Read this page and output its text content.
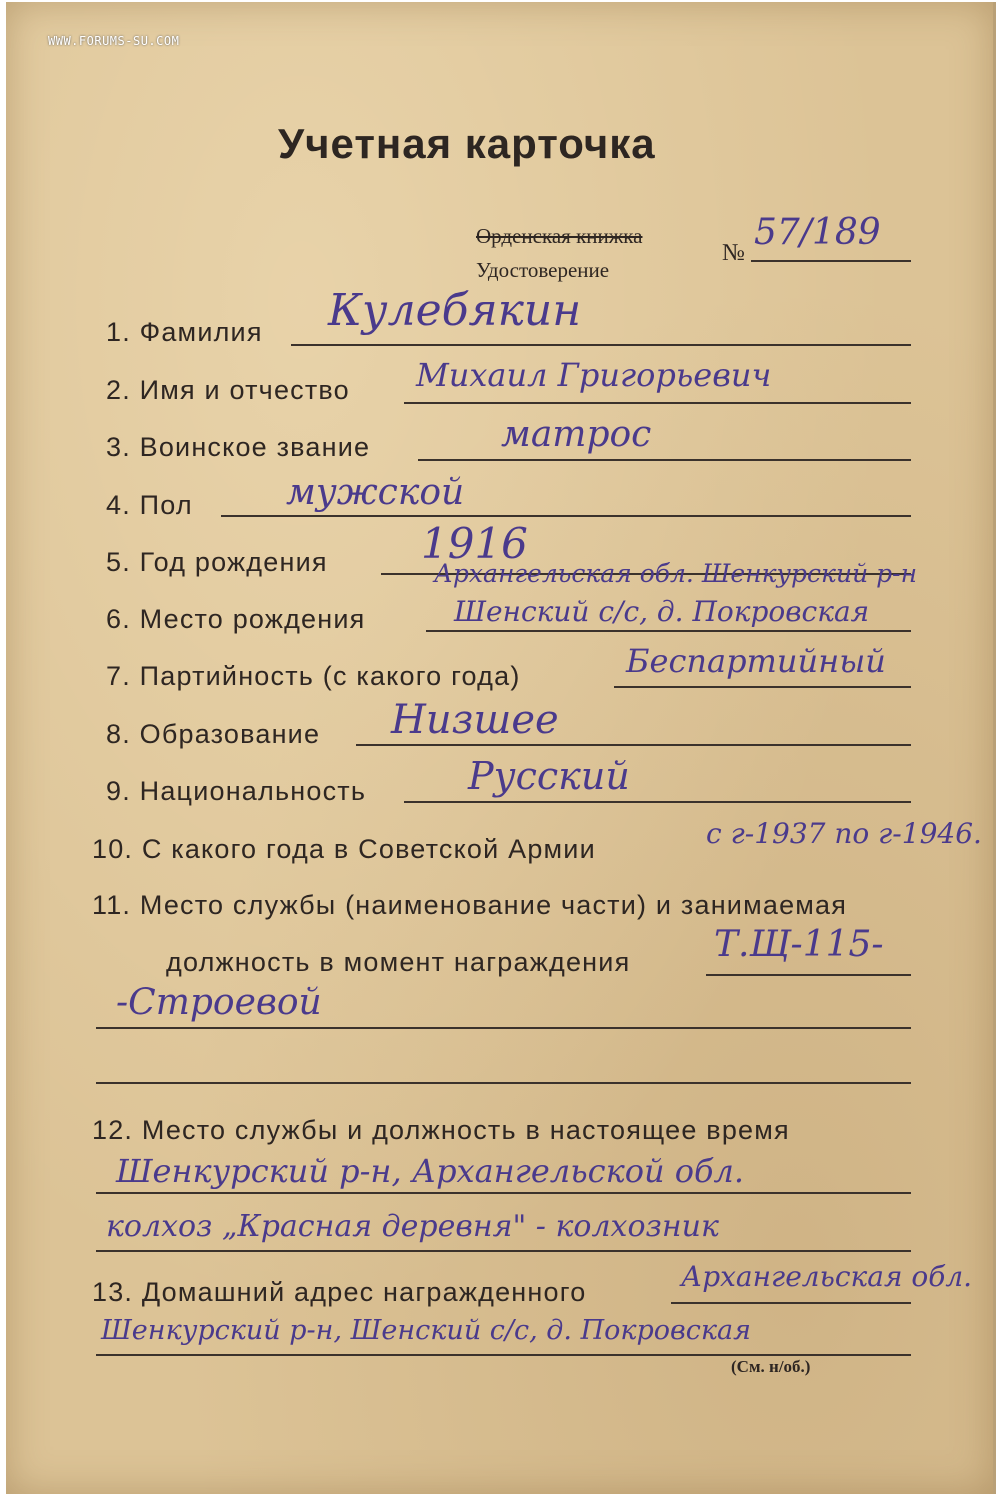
WWW.FORUMS-SU.COM
Учетная карточка
Орденская книжка
Удостоверение
№ 57/189
1. Фамилия Кулебякин
2. Имя и отчество Михаил Григорьевич
3. Воинское звание	матрос
4. Пол	мужской
5. Год рождения 1916
6. Место рождения
Архангельская обл. Шенкурский р-н
Шенский с/с, д. Покровская
7. Партийность (с какого года)	Беспартийный
8. Образование Низшее
9. Национальность	Русский
10. С какого года в Советской Армии	с г-1937 по г-1946.
11. Место службы (наименование части) и занимаемая
должность в момент награждения Т.Щ-115-
-Строевой
12. Место службы и должность в настоящее время
Шенкурский р-н, Архангельской обл.
колхоз „Красная деревня" - колхозник
13. Домашний адрес награжденного	Архангельская обл.
Шенкурский р-н, Шенский с/с, д. Покровская
(См. н/об.)
